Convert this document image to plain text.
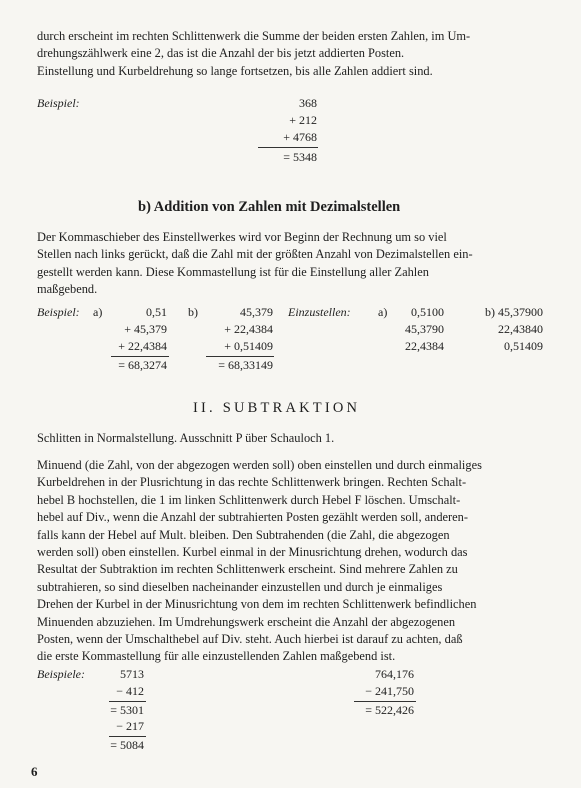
durch erscheint im rechten Schlittenwerk die Summe der beiden ersten Zahlen, im Um-
drehungszählwerk eine 2, das ist die Anzahl der bis jetzt addierten Posten.
Einstellung und Kurbeldrehung so lange fortsetzen, bis alle Zahlen addiert sind.
Beispiel:	368
+ 212
+ 4768
= 5348
b) Addition von Zahlen mit Dezimalstellen
Der Kommaschieber des Einstellwerkes wird vor Beginn der Rechnung um so viel
Stellen nach links gerückt, daß die Zahl mit der größten Anzahl von Dezimalstellen ein-
gestellt werden kann. Diese Kommastellung ist für die Einstellung aller Zahlen
maßgebend.
Beispiel: a)	0,51
+ 45,379
+ 22,4384
= 68,3274
b)	45,379
+ 22,4384
+ 0,51409
= 68,33149
Einzustellen: a)	0,5100
45,3790
22,4384
b) 45,37900
22,43840
0,51409
II. SUBTRAKTION
Schlitten in Normalstellung. Ausschnitt P über Schauloch 1.
Minuend (die Zahl, von der abgezogen werden soll) oben einstellen und durch einmaliges
Kurbeldrehen in der Plusrichtung in das rechte Schlittenwerk bringen. Rechten Schalt-
hebel B hochstellen, die 1 im linken Schlittenwerk durch Hebel F löschen. Umschalt-
hebel auf Div., wenn die Anzahl der subtrahierten Posten gezählt werden soll, anderen-
falls kann der Hebel auf Mult. bleiben. Den Subtrahenden (die Zahl, die abgezogen
werden soll) oben einstellen. Kurbel einmal in der Minusrichtung drehen, wodurch das
Resultat der Subtraktion im rechten Schlittenwerk erscheint. Sind mehrere Zahlen zu
subtrahieren, so sind dieselben nacheinander einzustellen und durch je einmaliges
Drehen der Kurbel in der Minusrichtung von dem im rechten Schlittenwerk befindlichen
Minuenden abzuziehen. Im Umdrehungswerk erscheint die Anzahl der abgezogenen
Posten, wenn der Umschalthebel auf Div. steht. Auch hierbei ist darauf zu achten, daß
die erste Kommastellung für alle einzustellenden Zahlen maßgebend ist.
Beispiele:	5713
− 412
= 5301
− 217
= 5084
764,176
− 241,750
= 522,426
6
